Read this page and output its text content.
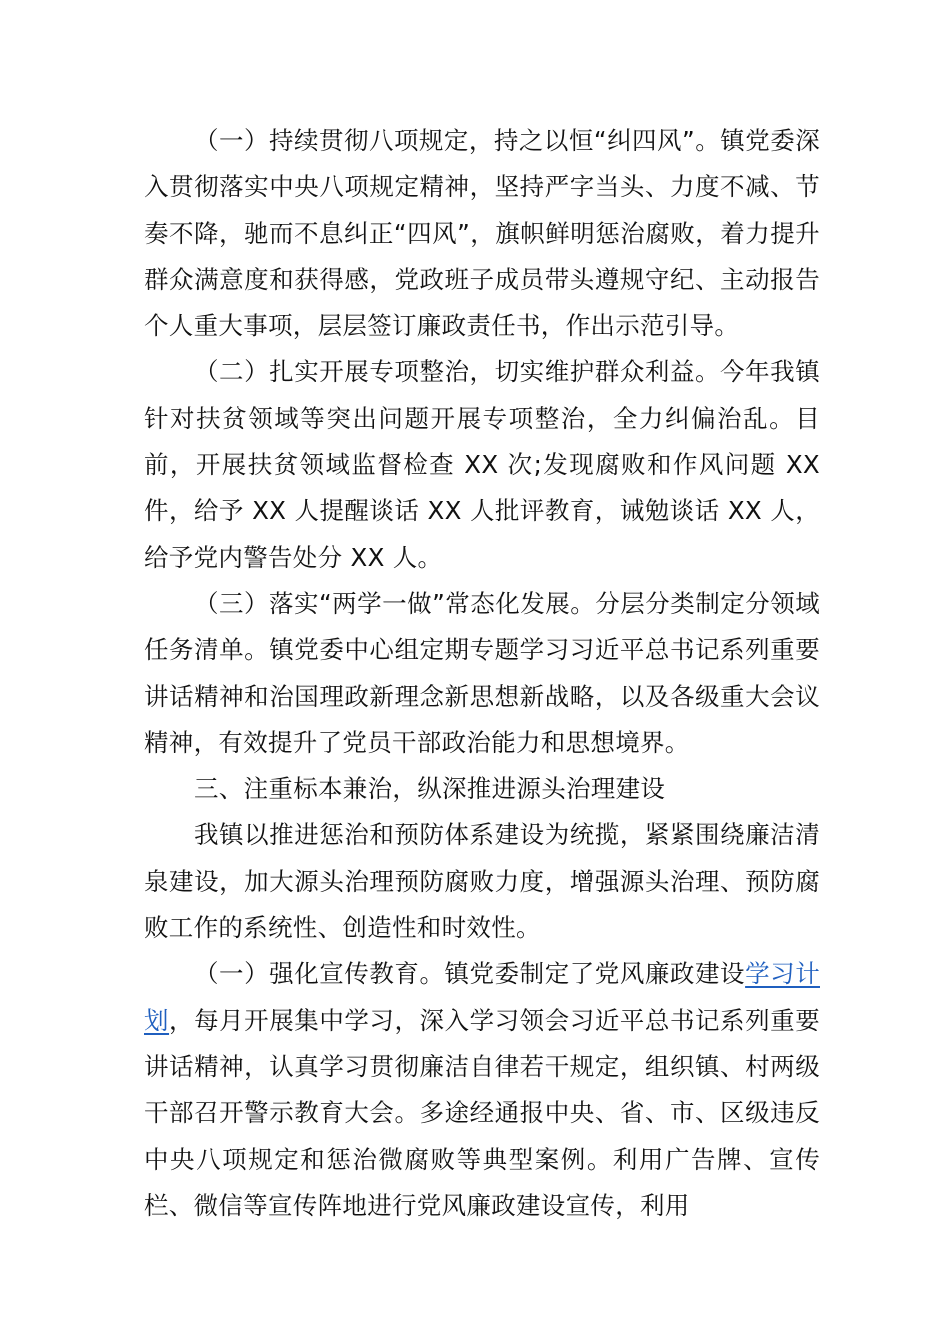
（一）持续贯彻八项规定，持之以恒“纠四风”。镇党委深入贯彻落实中央八项规定精神，坚持严字当头、力度不减、节奏不降，驰而不息纠正“四风”，旗帜鲜明惩治腐败，着力提升群众满意度和获得感，党政班子成员带头遵规守纪、主动报告个人重大事项，层层签订廉政责任书，作出示范引导。

（二）扎实开展专项整治，切实维护群众利益。今年我镇针对扶贫领域等突出问题开展专项整治，全力纠偏治乱。目前，开展扶贫领域监督检查 XX 次;发现腐败和作风问题 XX 件，给予 XX 人提醒谈话 XX 人批评教育，诫勉谈话 XX 人，给予党内警告处分 XX 人。

（三）落实“两学一做”常态化发展。分层分类制定分领域任务清单。镇党委中心组定期专题学习习近平总书记系列重要讲话精神和治国理政新理念新思想新战略，以及各级重大会议精神，有效提升了党员干部政治能力和思想境界。

三、注重标本兼治，纵深推进源头治理建设

我镇以推进惩治和预防体系建设为统揽，紧紧围绕廉洁清泉建设，加大源头治理预防腐败力度，增强源头治理、预防腐败工作的系统性、创造性和时效性。

（一）强化宣传教育。镇党委制定了党风廉政建设学习计划，每月开展集中学习，深入学习领会习近平总书记系列重要讲话精神，认真学习贯彻廉洁自律若干规定，组织镇、村两级干部召开警示教育大会。多途经通报中央、省、市、区级违反中央八项规定和惩治微腐败等典型案例。利用广告牌、宣传栏、微信等宣传阵地进行党风廉政建设宣传，利用
